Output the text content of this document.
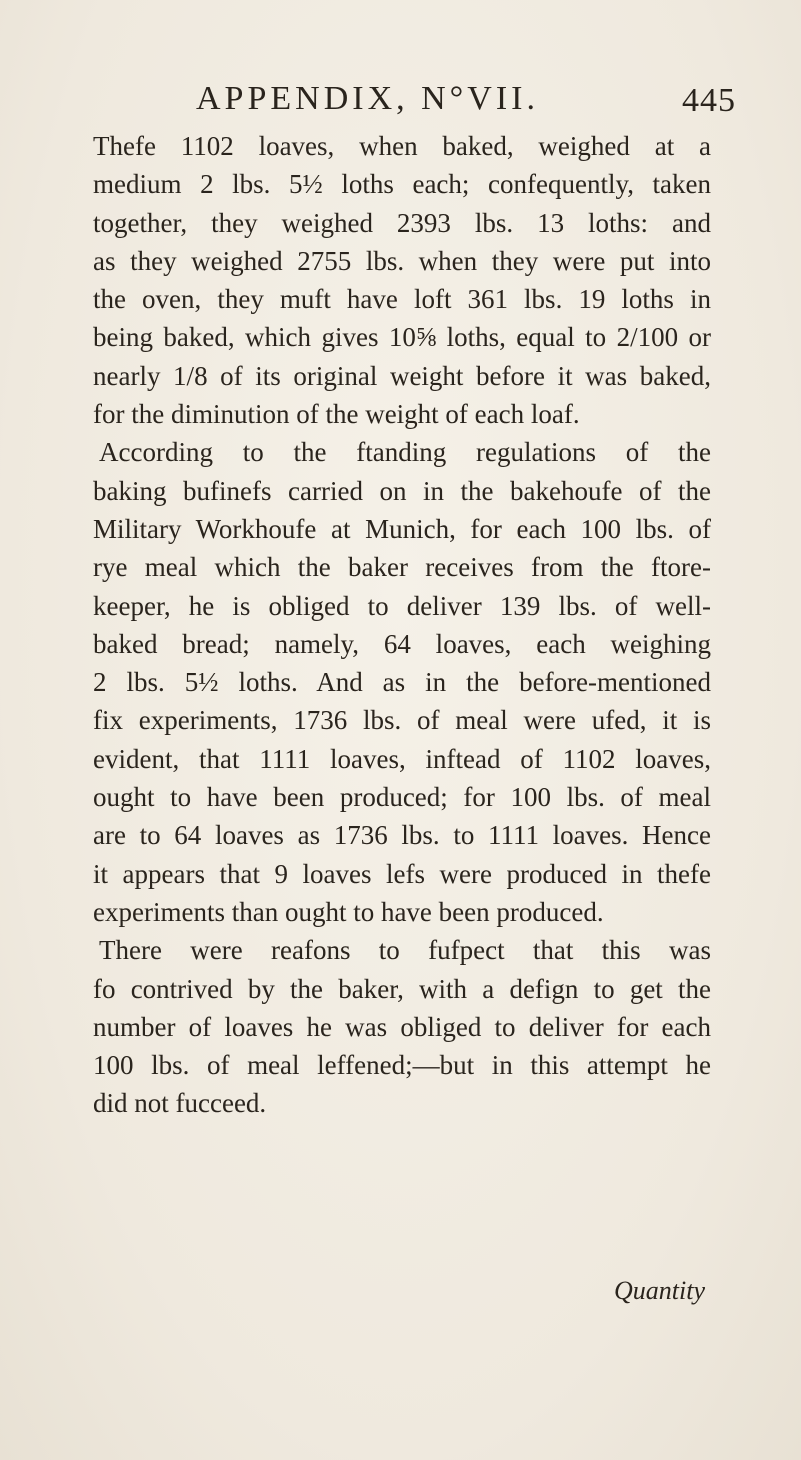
APPENDIX, N°VII.	445
Thefe 1102 loaves, when baked, weighed at a
medium 2 lbs. 5½ loths each; confequently, taken
together, they weighed 2393 lbs. 13 loths: and
as they weighed 2755 lbs. when they were put into
the oven, they muft have loft 361 lbs. 19 loths in
being baked, which gives 10⅝ loths, equal to 2/100 or
nearly 1/8 of its original weight before it was baked,
for the diminution of the weight of each loaf.
According to the ftanding regulations of the
baking bufinefs carried on in the bakehoufe of the
Military Workhoufe at Munich, for each 100 lbs. of
rye meal which the baker receives from the ftore-
keeper, he is obliged to deliver 139 lbs. of well-
baked bread; namely, 64 loaves, each weighing
2 lbs. 5½ loths. And as in the before-mentioned
fix experiments, 1736 lbs. of meal were ufed, it is
evident, that 1111 loaves, inftead of 1102 loaves,
ought to have been produced; for 100 lbs. of meal
are to 64 loaves as 1736 lbs. to 1111 loaves. Hence
it appears that 9 loaves lefs were produced in thefe
experiments than ought to have been produced.
There were reafons to fufpect that this was
fo contrived by the baker, with a defign to get the
number of loaves he was obliged to deliver for each
100 lbs. of meal leffened;—but in this attempt he
did not fucceed.
Quantity
